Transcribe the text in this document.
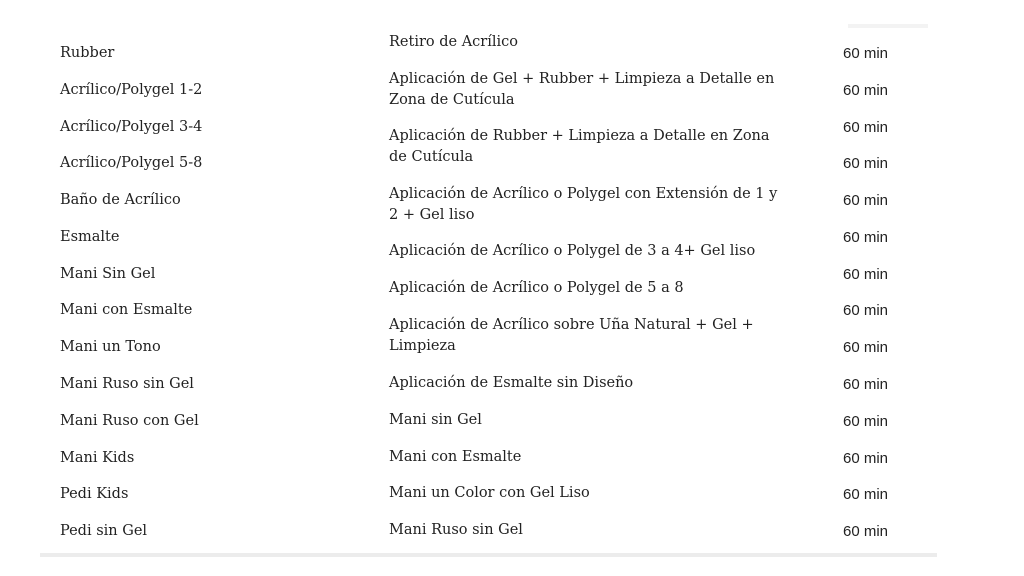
Rubber
Acrílico/Polygel 1-2
Acrílico/Polygel 3-4
Acrílico/Polygel 5-8
Baño de Acrílico
Esmalte
Mani Sin Gel
Mani con Esmalte
Mani un Tono
Mani Ruso sin Gel
Mani Ruso con Gel
Mani Kids
Pedi Kids
Pedi sin Gel
Retiro de Acrílico
Aplicación de Gel + Rubber + Limpieza a Detalle en Zona de Cutícula
Aplicación de Rubber + Limpieza a Detalle en Zona de Cutícula
Aplicación de Acrílico o Polygel con Extensión de 1 y 2 + Gel liso
Aplicación de Acrílico o Polygel de 3 a 4+ Gel liso
Aplicación de Acrílico o Polygel de 5 a 8
Aplicación de Acrílico sobre Uña Natural + Gel + Limpieza
Aplicación de Esmalte sin Diseño
Mani sin Gel
Mani con Esmalte
Mani un Color con Gel Liso
Mani Ruso sin Gel
60 min
60 min
60 min
60 min
60 min
60 min
60 min
60 min
60 min
60 min
60 min
60 min
60 min
60 min
